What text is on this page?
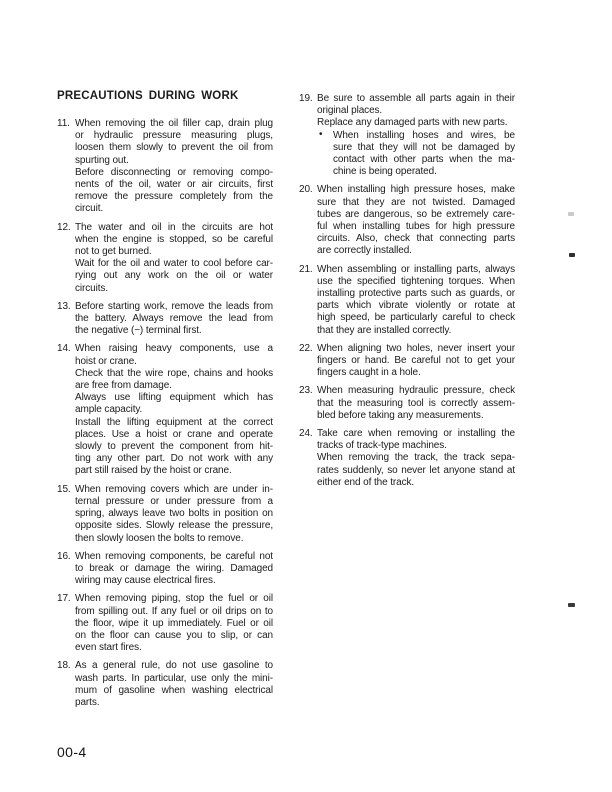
PRECAUTIONS DURING WORK
11. When removing the oil filler cap, drain plug
or hydraulic pressure measuring plugs,
loosen them slowly to prevent the oil from
spurting out.
Before disconnecting or removing compo-
nents of the oil, water or air circuits, first
remove the pressure completely from the
circuit.
12. The water and oil in the circuits are hot
when the engine is stopped, so be careful
not to get burned.
Wait for the oil and water to cool before car-
rying out any work on the oil or water
circuits.
13. Before starting work, remove the leads from
the battery. Always remove the lead from
the negative (−) terminal first.
14. When raising heavy components, use a
hoist or crane.
Check that the wire rope, chains and hooks
are free from damage.
Always use lifting equipment which has
ample capacity.
Install the lifting equipment at the correct
places. Use a hoist or crane and operate
slowly to prevent the component from hit-
ting any other part. Do not work with any
part still raised by the hoist or crane.
15. When removing covers which are under in-
ternal pressure or under pressure from a
spring, always leave two bolts in position on
opposite sides. Slowly release the pressure,
then slowly loosen the bolts to remove.
16. When removing components, be careful not
to break or damage the wiring. Damaged
wiring may cause electrical fires.
17. When removing piping, stop the fuel or oil
from spilling out. If any fuel or oil drips on to
the floor, wipe it up immediately. Fuel or oil
on the floor can cause you to slip, or can
even start fires.
18. As a general rule, do not use gasoline to
wash parts. In particular, use only the mini-
mum of gasoline when washing electrical
parts.
19. Be sure to assemble all parts again in their
original places.
Replace any damaged parts with new parts.
• When installing hoses and wires, be
sure that they will not be damaged by
contact with other parts when the ma-
chine is being operated.
20. When installing high pressure hoses, make
sure that they are not twisted. Damaged
tubes are dangerous, so be extremely care-
ful when installing tubes for high pressure
circuits. Also, check that connecting parts
are correctly installed.
21. When assembling or installing parts, always
use the specified tightening torques. When
installing protective parts such as guards, or
parts which vibrate violently or rotate at
high speed, be particularly careful to check
that they are installed correctly.
22. When aligning two holes, never insert your
fingers or hand. Be careful not to get your
fingers caught in a hole.
23. When measuring hydraulic pressure, check
that the measuring tool is correctly assem-
bled before taking any measurements.
24. Take care when removing or installing the
tracks of track-type machines.
When removing the track, the track sepa-
rates suddenly, so never let anyone stand at
either end of the track.
00-4
